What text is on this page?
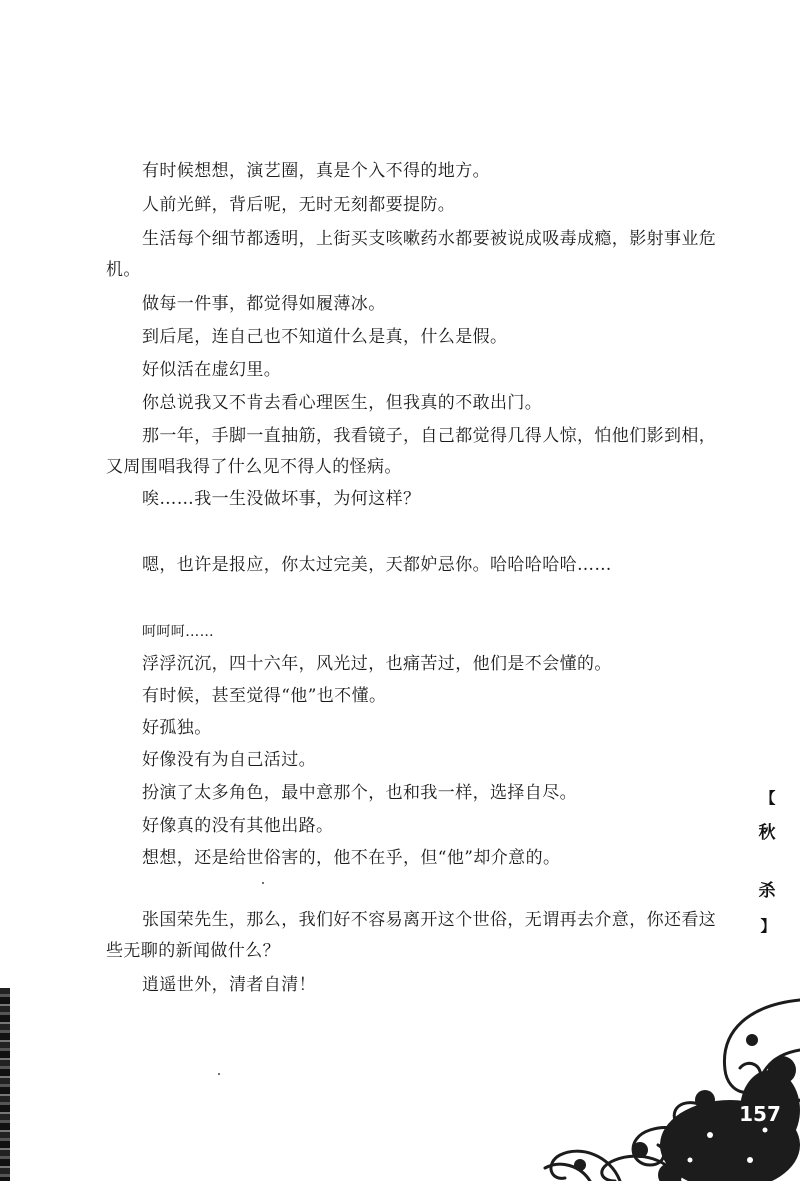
有时候想想，演艺圈，真是个入不得的地方。
人前光鲜，背后呢，无时无刻都要提防。
生活每个细节都透明，上街买支咳嗽药水都要被说成吸毒成瘾，影射事业危机。
做每一件事，都觉得如履薄冰。
到后尾，连自己也不知道什么是真，什么是假。
好似活在虚幻里。
你总说我又不肯去看心理医生，但我真的不敢出门。
那一年，手脚一直抽筋，我看镜子，自己都觉得几得人惊，怕他们影到相，又周围唱我得了什么见不得人的怪病。
唉……我一生没做坏事，为何这样？
嗯，也许是报应，你太过完美，天都妒忌你。哈哈哈哈哈……
呵呵呵……
浮浮沉沉，四十六年，风光过，也痛苦过，他们是不会懂的。
有时候，甚至觉得“他”也不懂。
好孤独。
好像没有为自己活过。
扮演了太多角色，最中意那个，也和我一样，选择自尽。
好像真的没有其他出路。
想想，还是给世俗害的，他不在乎，但“他”却介意的。
张国荣先生，那么，我们好不容易离开这个世俗，无谓再去介意，你还看这些无聊的新闻做什么？
逍遥世外，清者自清！
【
秋
杀
】
157
